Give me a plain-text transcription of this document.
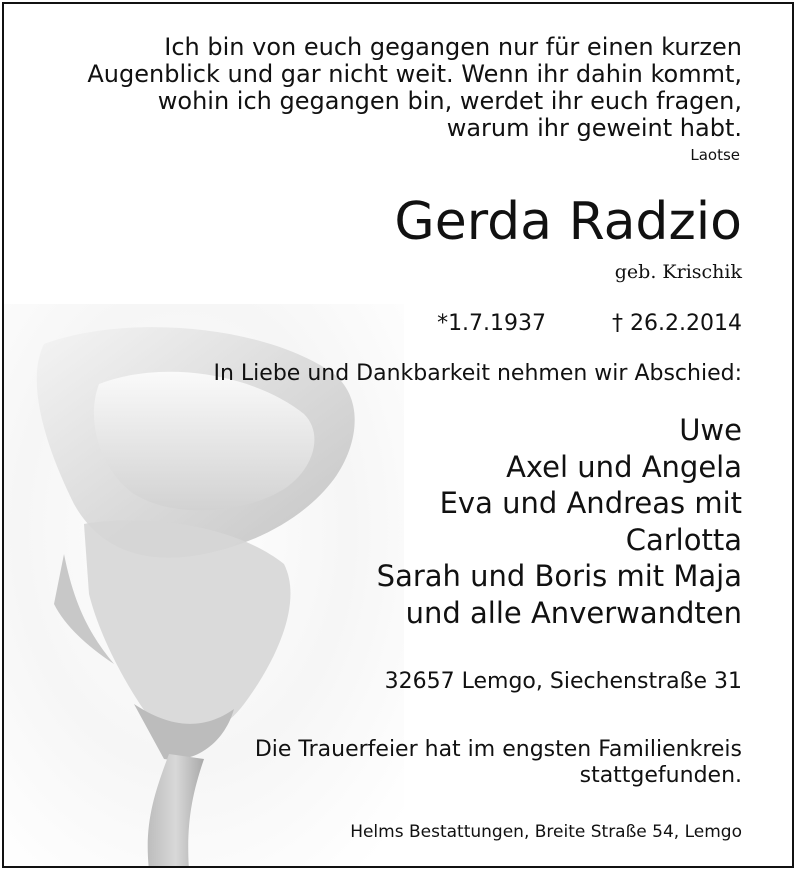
Ich bin von euch gegangen nur für einen kurzen
Augenblick und gar nicht weit. Wenn ihr dahin kommt,
wohin ich gegangen bin, werdet ihr euch fragen,
warum ihr geweint habt.
Laotse
Gerda Radzio
geb. Krischik
*1.7.1937	† 26.2.2014
In Liebe und Dankbarkeit nehmen wir Abschied:
Uwe
Axel und Angela
Eva und Andreas mit
Carlotta
Sarah und Boris mit Maja
und alle Anverwandten
32657 Lemgo, Siechenstraße 31
Die Trauerfeier hat im engsten Familienkreis
stattgefunden.
Helms Bestattungen, Breite Straße 54, Lemgo
